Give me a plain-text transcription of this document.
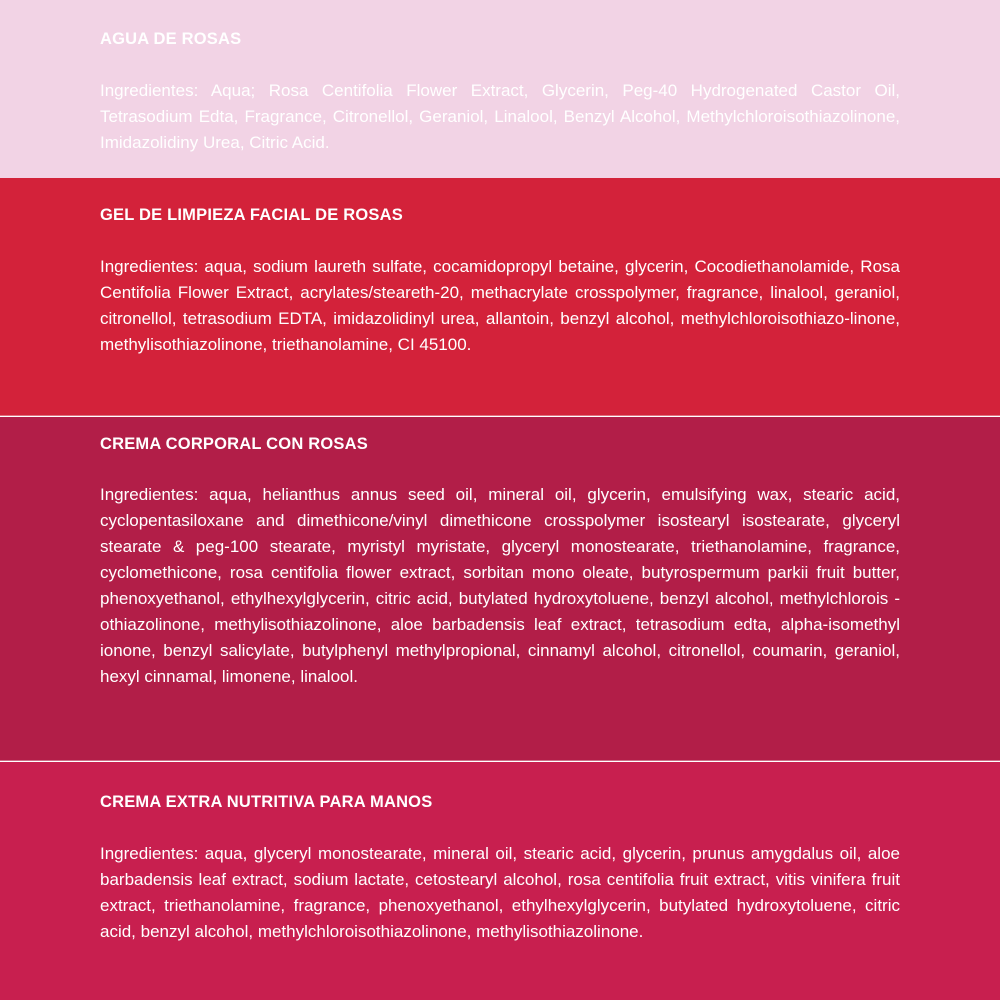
AGUA DE ROSAS

Ingredientes: Aqua; Rosa Centifolia Flower Extract, Glycerin, Peg-40 Hydrogenated Castor Oil, Tetrasodium Edta, Fragrance, Citronellol, Geraniol, Linalool, Benzyl Alcohol, Methylchloroisothiazolinone, Imidazolidiny Urea, Citric Acid.

GEL DE LIMPIEZA FACIAL DE ROSAS

Ingredientes: aqua, sodium laureth sulfate, cocamidopropyl betaine, glycerin, Cocodiethanolamide, Rosa Centifolia Flower Extract, acrylates/steareth-20, methacrylate crosspolymer, fragrance, linalool, geraniol, citronellol, tetrasodium EDTA, imidazolidinyl urea, allantoin, benzyl alcohol, methylchloroisothiazo-linone, methylisothiazolinone, triethanolamine, CI 45100.

CREMA CORPORAL CON ROSAS

Ingredientes: aqua, helianthus annus seed oil, mineral oil, glycerin, emulsifying wax, stearic acid, cyclopentasiloxane and dimethicone/vinyl dimethicone crosspolymer isostearyl isostearate, glyceryl stearate & peg-100 stearate, myristyl myristate, glyceryl monostearate, triethanolamine, fragrance, cyclomethicone, rosa centifolia flower extract, sorbitan mono oleate, butyrospermum parkii fruit butter, phenoxyethanol, ethylhexylglycerin, citric acid, butylated hydroxytoluene, benzyl alcohol, methylchlorois - othiazolinone, methylisothiazolinone, aloe barbadensis leaf extract, tetrasodium edta, alpha-isomethyl ionone, benzyl salicylate, butylphenyl methylpropional, cinnamyl alcohol, citronellol, coumarin, geraniol, hexyl cinnamal, limonene, linalool.

CREMA EXTRA NUTRITIVA PARA MANOS

Ingredientes: aqua, glyceryl monostearate, mineral oil, stearic acid, glycerin, prunus amygdalus oil, aloe barbadensis leaf extract, sodium lactate, cetostearyl alcohol, rosa centifolia fruit extract, vitis vinifera fruit extract, triethanolamine, fragrance, phenoxyethanol, ethylhexylglycerin, butylated hydroxytoluene, citric acid, benzyl alcohol, methylchloroisothiazolinone, methylisothiazolinone.
